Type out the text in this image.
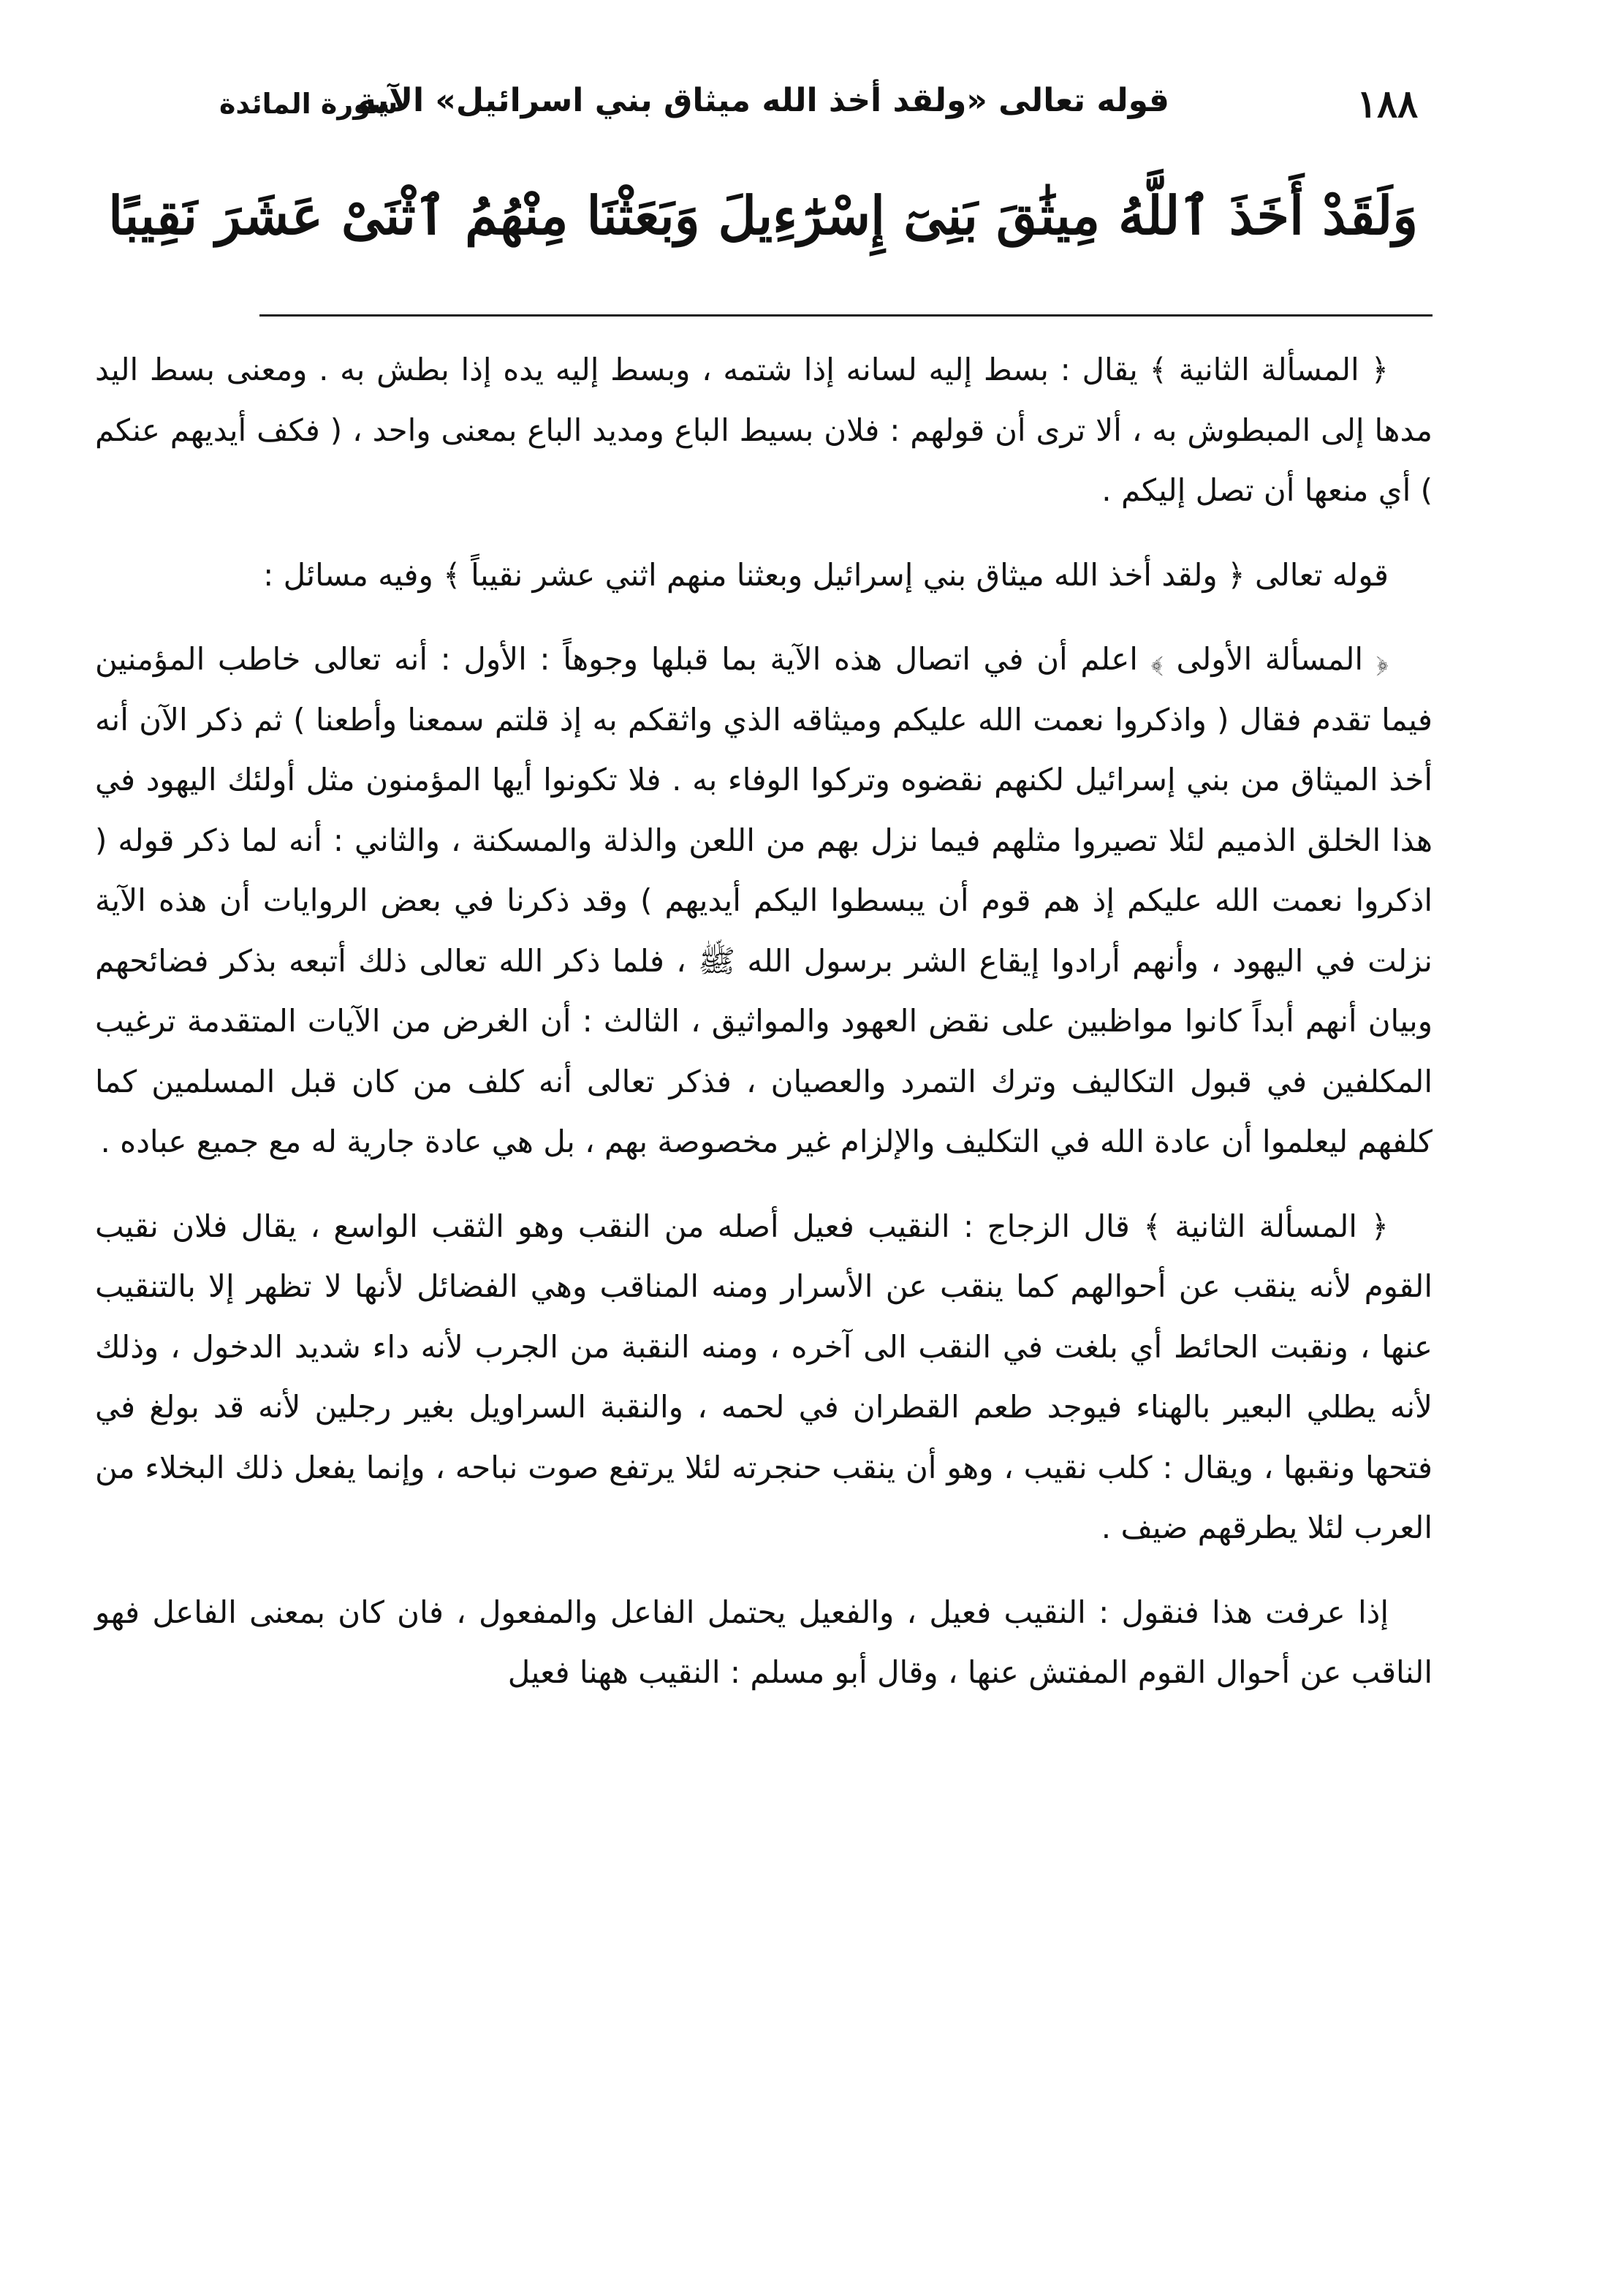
١٨٨
قوله تعالى «ولقد أخذ الله ميثاق بني اسرائيل» الآية
سورة المائدة
وَلَقَدْ أَخَذَ ٱللَّهُ مِيثَٰقَ بَنِىٓ إِسْرَٰٓءِيلَ وَبَعَثْنَا مِنْهُمُ ٱثْنَىْ عَشَرَ نَقِيبًا

﴿ المسألة الثانية ﴾ يقال : بسط إليه لسانه إذا شتمه ، وبسط إليه يده إذا بطش به . ومعنى بسط اليد مدها إلى المبطوش به ، ألا ترى أن قولهم : فلان بسيط الباع ومديد الباع بمعنى واحد ، ( فكف أيديهم عنكم ) أي منعها أن تصل إليكم .

قوله تعالى ﴿ ولقد أخذ الله ميثاق بني إسرائيل وبعثنا منهم اثني عشر نقيباً ﴾ وفيه مسائل :

﴿ المسألة الأولى ﴾ اعلم أن في اتصال هذه الآية بما قبلها وجوهاً : الأول : أنه تعالى خاطب المؤمنين فيما تقدم فقال ( واذكروا نعمت الله عليكم وميثاقه الذي واثقكم به إذ قلتم سمعنا وأطعنا ) ثم ذكر الآن أنه أخذ الميثاق من بني إسرائيل لكنهم نقضوه وتركوا الوفاء به . فلا تكونوا أيها المؤمنون مثل أولئك اليهود في هذا الخلق الذميم لئلا تصيروا مثلهم فيما نزل بهم من اللعن والذلة والمسكنة ، والثاني : أنه لما ذكر قوله ( اذكروا نعمت الله عليكم إذ هم قوم أن يبسطوا اليكم أيديهم ) وقد ذكرنا في بعض الروايات أن هذه الآية نزلت في اليهود ، وأنهم أرادوا إيقاع الشر برسول الله ﷺ ، فلما ذكر الله تعالى ذلك أتبعه بذكر فضائحهم وبيان أنهم أبداً كانوا مواظبين على نقض العهود والمواثيق ، الثالث : أن الغرض من الآيات المتقدمة ترغيب المكلفين في قبول التكاليف وترك التمرد والعصيان ، فذكر تعالى أنه كلف من كان قبل المسلمين كما كلفهم ليعلموا أن عادة الله في التكليف والإلزام غير مخصوصة بهم ، بل هي عادة جارية له مع جميع عباده .

﴿ المسألة الثانية ﴾ قال الزجاج : النقيب فعيل أصله من النقب وهو الثقب الواسع ، يقال فلان نقيب القوم لأنه ينقب عن أحوالهم كما ينقب عن الأسرار ومنه المناقب وهي الفضائل لأنها لا تظهر إلا بالتنقيب عنها ، ونقبت الحائط أي بلغت في النقب الى آخره ، ومنه النقبة من الجرب لأنه داء شديد الدخول ، وذلك لأنه يطلي البعير بالهناء فيوجد طعم القطران في لحمه ، والنقبة السراويل بغير رجلين لأنه قد بولغ في فتحها ونقبها ، ويقال : كلب نقيب ، وهو أن ينقب حنجرته لئلا يرتفع صوت نباحه ، وإنما يفعل ذلك البخلاء من العرب لئلا يطرقهم ضيف .

إذا عرفت هذا فنقول : النقيب فعيل ، والفعيل يحتمل الفاعل والمفعول ، فان كان بمعنى الفاعل فهو الناقب عن أحوال القوم المفتش عنها ، وقال أبو مسلم : النقيب ههنا فعيل
